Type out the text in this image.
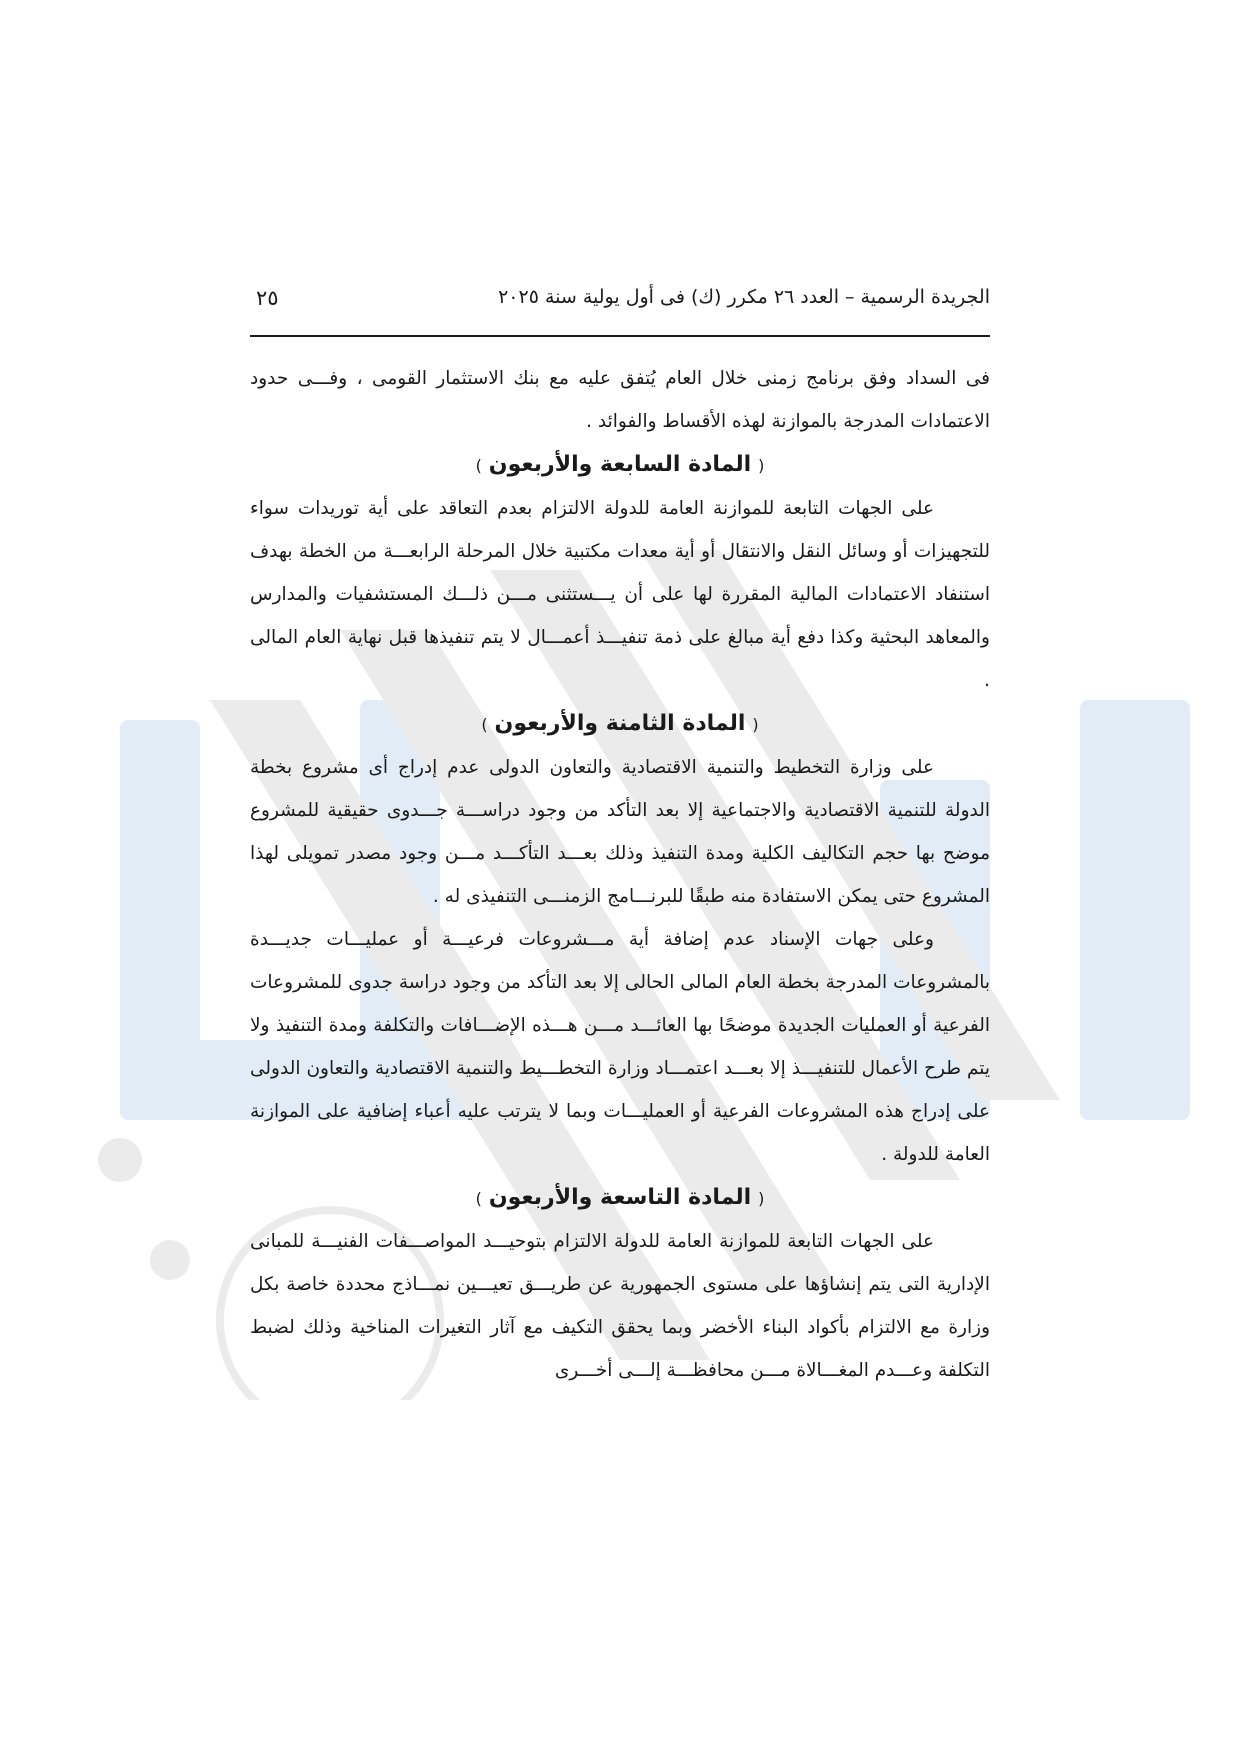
الجريدة الرسمية – العدد ٢٦ مكرر (ك) فى أول يولية سنة ٢٠٢٥
٢٥

فى السداد وفق برنامج زمنى خلال العام يُتفق عليه مع بنك الاستثمار القومى ، وفـــى حدود الاعتمادات المدرجة بالموازنة لهذه الأقساط والفوائد .

( المادة السابعة والأربعون )

على الجهات التابعة للموازنة العامة للدولة الالتزام بعدم التعاقد على أية توريدات سواء للتجهيزات أو وسائل النقل والانتقال أو أية معدات مكتبية خلال المرحلة الرابعـــة من الخطة بهدف استنفاد الاعتمادات المالية المقررة لها على أن يـــستثنى مـــن ذلـــك المستشفيات والمدارس والمعاهد البحثية وكذا دفع أية مبالغ على ذمة تنفيـــذ أعمـــال لا يتم تنفيذها قبل نهاية العام المالى .

( المادة الثامنة والأربعون )

على وزارة التخطيط والتنمية الاقتصادية والتعاون الدولى عدم إدراج أى مشروع بخطة الدولة للتنمية الاقتصادية والاجتماعية إلا بعد التأكد من وجود دراســـة جـــدوى حقيقية للمشروع موضح بها حجم التكاليف الكلية ومدة التنفيذ وذلك بعـــد التأكـــد مـــن وجود مصدر تمويلى لهذا المشروع حتى يمكن الاستفادة منه طبقًا للبرنـــامج الزمنـــى التنفيذى له .

وعلى جهات الإسناد عدم إضافة أية مـــشروعات فرعيـــة أو عمليـــات جديـــدة بالمشروعات المدرجة بخطة العام المالى الحالى إلا بعد التأكد من وجود دراسة جدوى للمشروعات الفرعية أو العمليات الجديدة موضحًا بها العائـــد مـــن هـــذه الإضـــافات والتكلفة ومدة التنفيذ ولا يتم طرح الأعمال للتنفيـــذ إلا بعـــد اعتمـــاد وزارة التخطـــيط والتنمية الاقتصادية والتعاون الدولى على إدراج هذه المشروعات الفرعية أو العمليـــات وبما لا يترتب عليه أعباء إضافية على الموازنة العامة للدولة .

( المادة التاسعة والأربعون )

على الجهات التابعة للموازنة العامة للدولة الالتزام بتوحيـــد المواصـــفات الفنيـــة للمبانى الإدارية التى يتم إنشاؤها على مستوى الجمهورية عن طريـــق تعيـــين نمـــاذج محددة خاصة بكل وزارة مع الالتزام بأكواد البناء الأخضر وبما يحقق التكيف مع آثار التغيرات المناخية وذلك لضبط التكلفة وعـــدم المغـــالاة مـــن محافظـــة إلـــى أخـــرى
